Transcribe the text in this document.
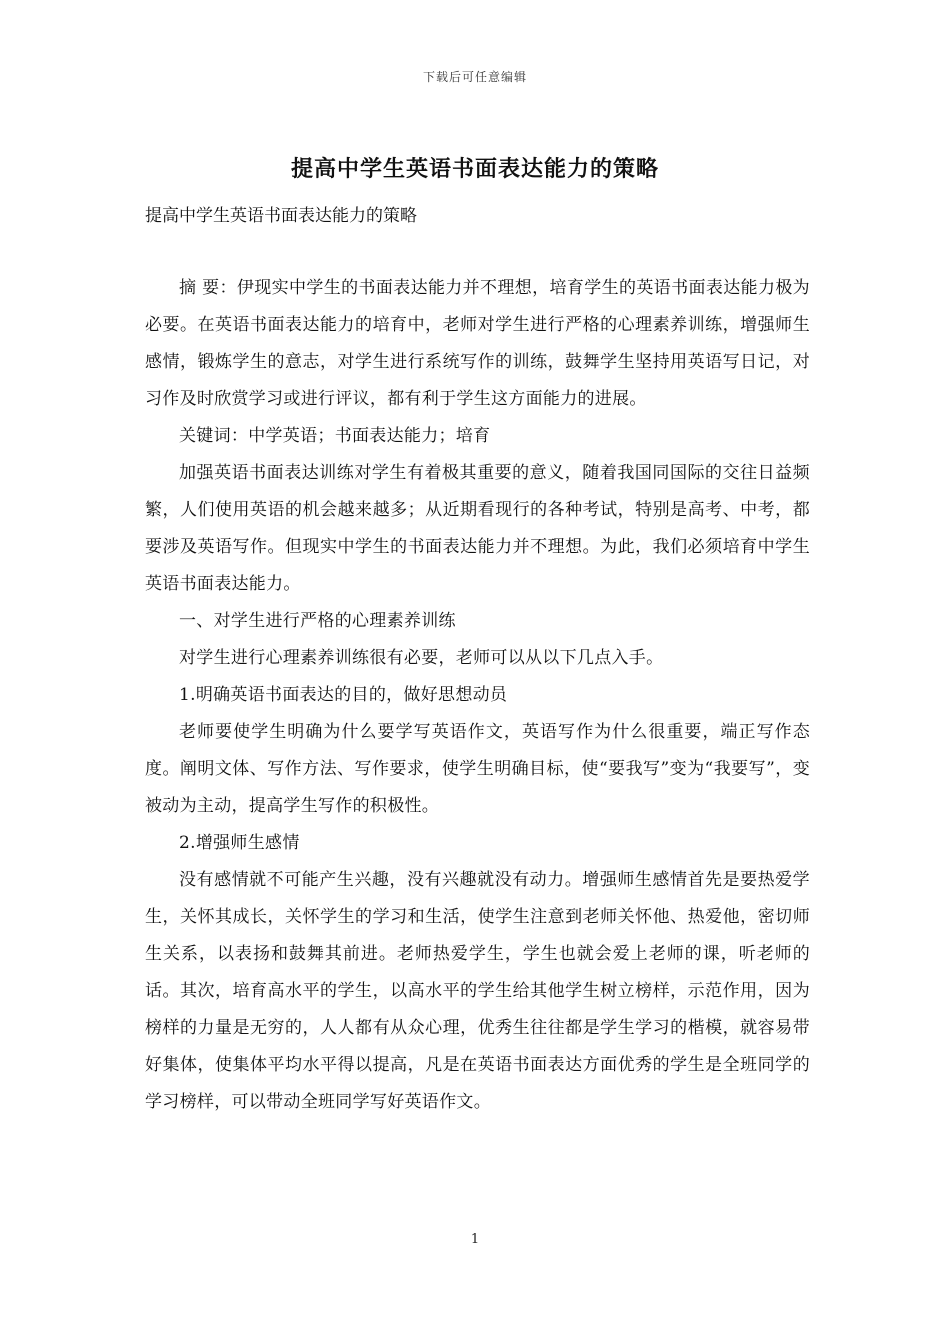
下载后可任意编辑
提高中学生英语书面表达能力的策略

提高中学生英语书面表达能力的策略

摘 要：伊现实中学生的书面表达能力并不理想，培育学生的英语书面表达能力极为必要。在英语书面表达能力的培育中，老师对学生进行严格的心理素养训练，增强师生感情，锻炼学生的意志，对学生进行系统写作的训练，鼓舞学生坚持用英语写日记，对习作及时欣赏学习或进行评议，都有利于学生这方面能力的进展。

关键词：中学英语；书面表达能力；培育

加强英语书面表达训练对学生有着极其重要的意义，随着我国同国际的交往日益频繁，人们使用英语的机会越来越多；从近期看现行的各种考试，特别是高考、中考，都要涉及英语写作。但现实中学生的书面表达能力并不理想。为此，我们必须培育中学生英语书面表达能力。

一、对学生进行严格的心理素养训练

对学生进行心理素养训练很有必要，老师可以从以下几点入手。

1.明确英语书面表达的目的，做好思想动员

老师要使学生明确为什么要学写英语作文，英语写作为什么很重要，端正写作态度。阐明文体、写作方法、写作要求，使学生明确目标，使“要我写”变为“我要写”，变被动为主动，提高学生写作的积极性。

2.增强师生感情

没有感情就不可能产生兴趣，没有兴趣就没有动力。增强师生感情首先是要热爱学生，关怀其成长，关怀学生的学习和生活，使学生注意到老师关怀他、热爱他，密切师生关系，以表扬和鼓舞其前进。老师热爱学生，学生也就会爱上老师的课，听老师的话。其次，培育高水平的学生，以高水平的学生给其他学生树立榜样，示范作用，因为榜样的力量是无穷的，人人都有从众心理，优秀生往往都是学生学习的楷模，就容易带好集体，使集体平均水平得以提高，凡是在英语书面表达方面优秀的学生是全班同学的学习榜样，可以带动全班同学写好英语作文。

1
